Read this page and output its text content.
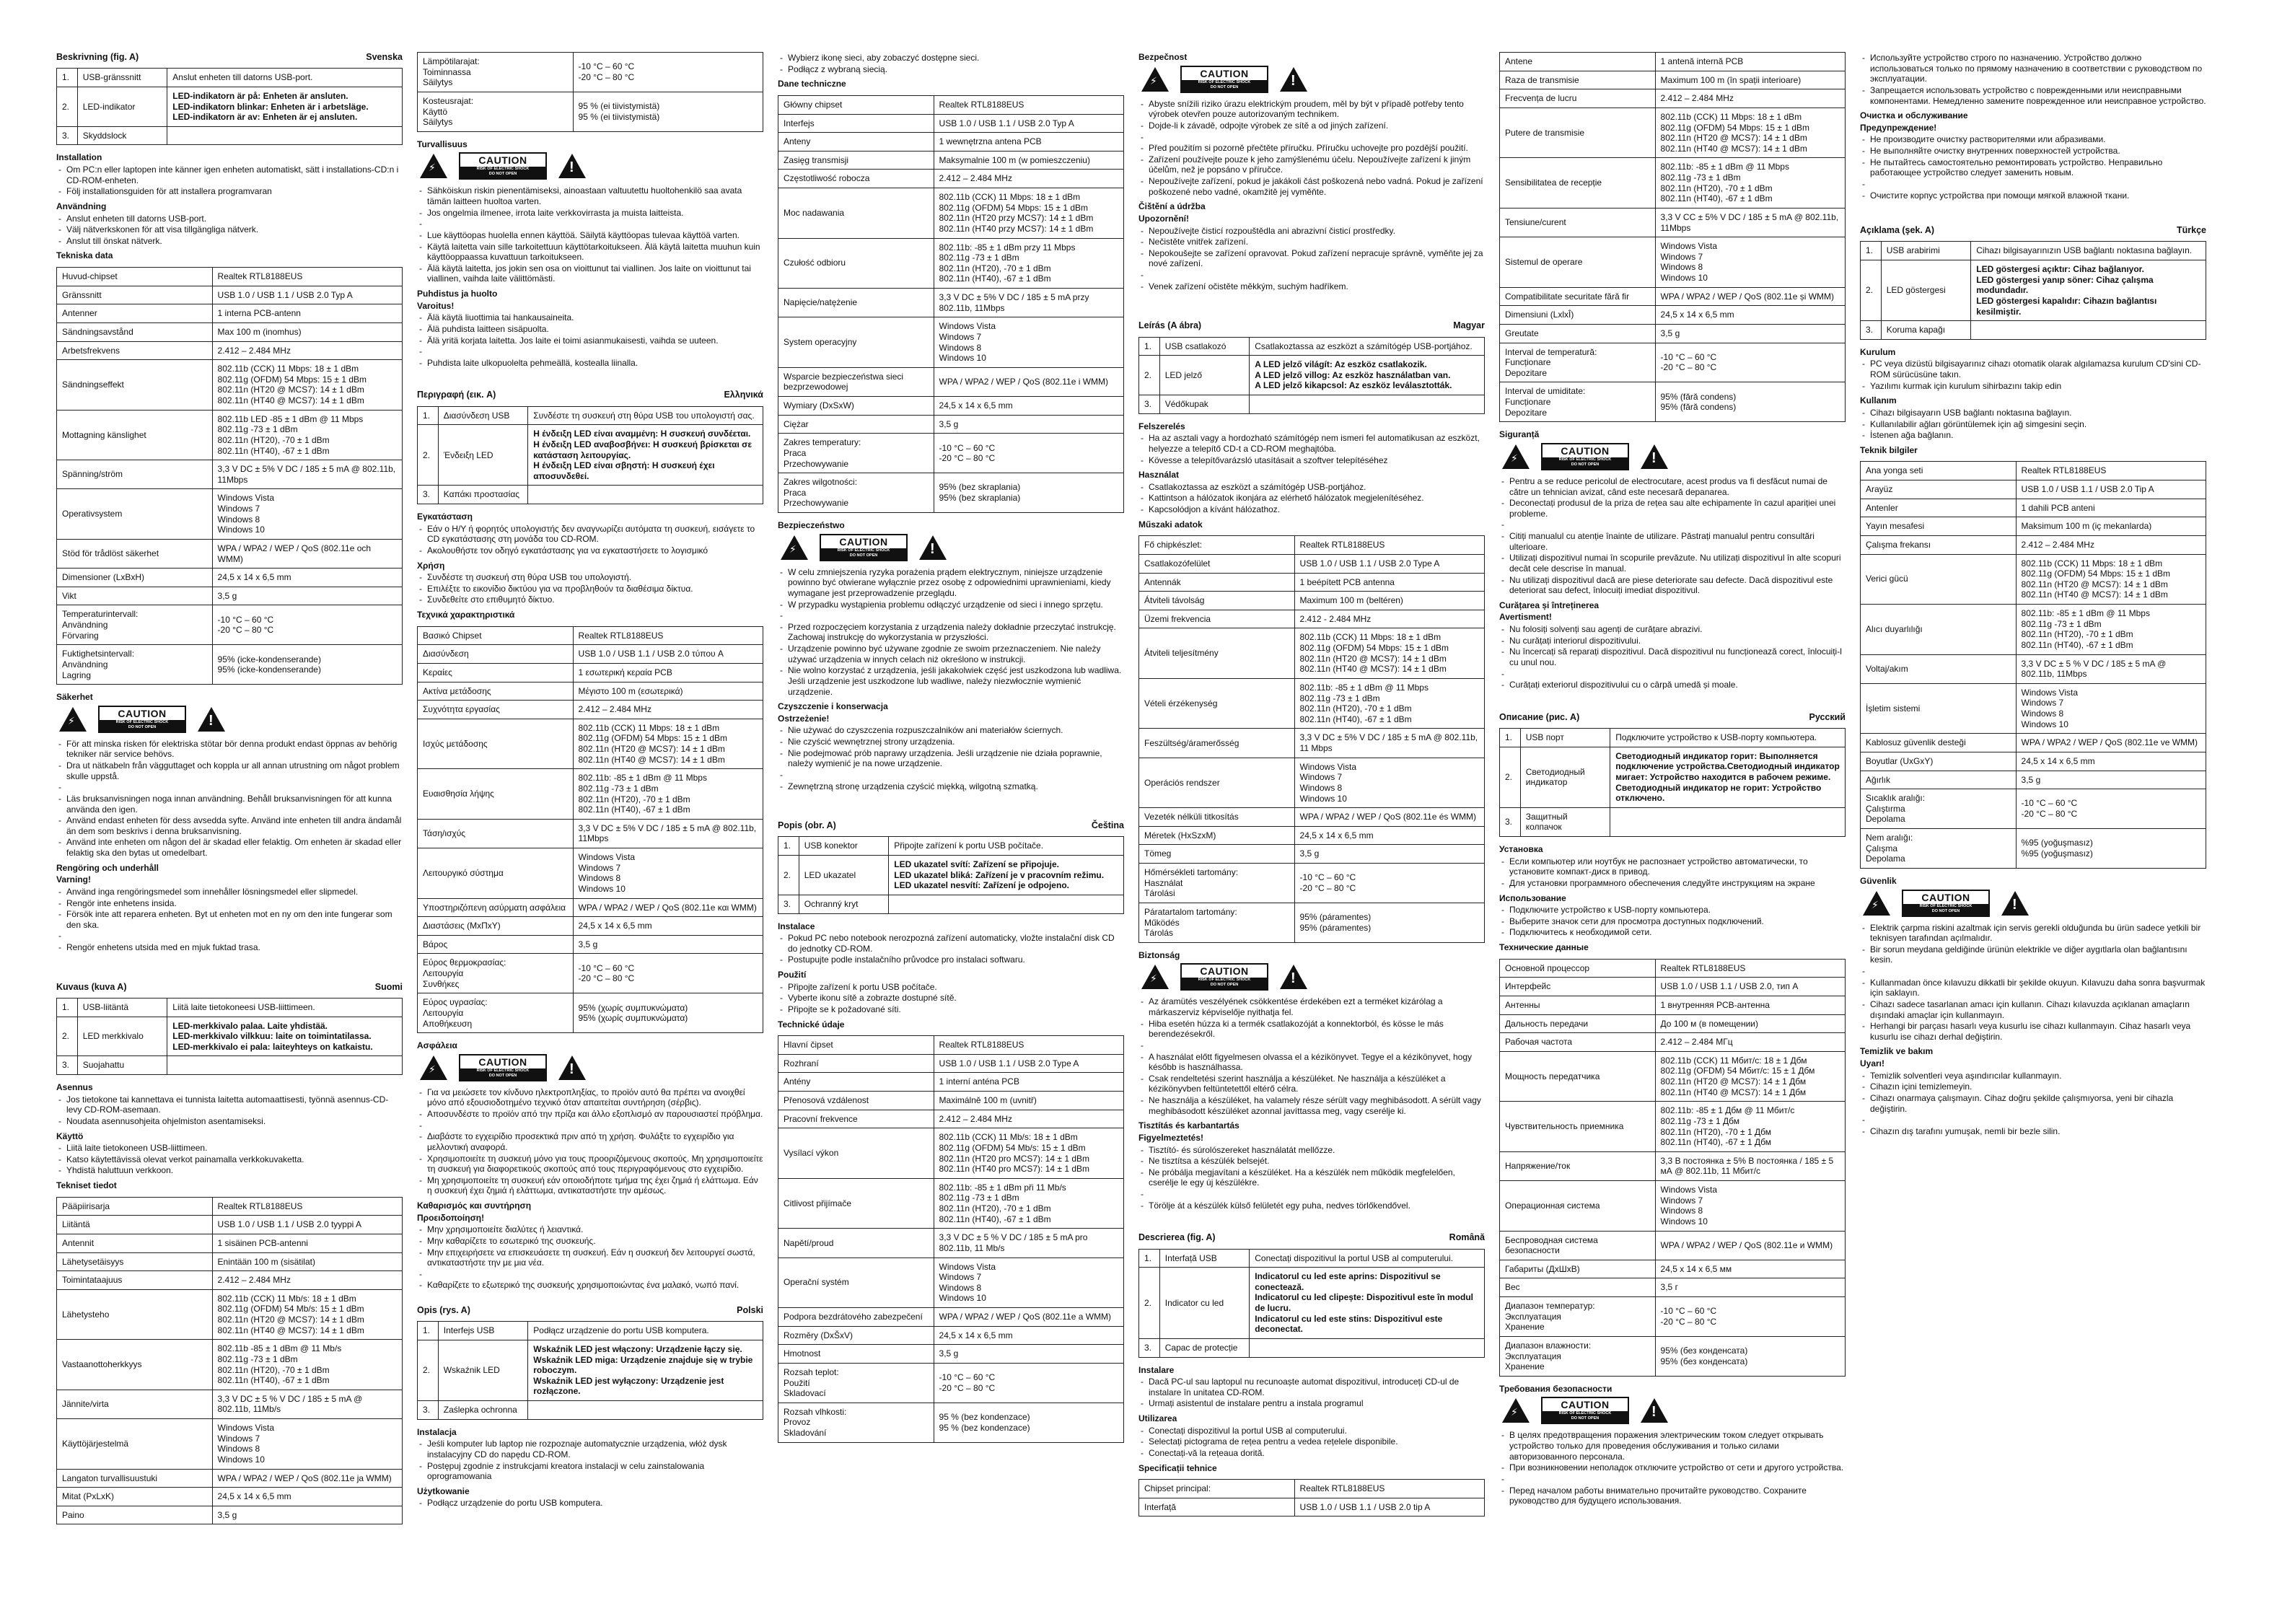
Beskrivning (fig. A)	Svenska
1.	USB-gränssnitt	Anslut enheten till datorns USB-port.
2.	LED-indikator	LED-indikatorn är på: Enheten är ansluten.
LED-indikatorn blinkar: Enheten är i arbetsläge.
LED-indikatorn är av: Enheten är ej ansluten.
3.	Skyddslock	
Installation
- Om PC:n eller laptopen inte känner igen enheten automatiskt, sätt i installations-CD:n i CD-ROM-enheten.
- Följ installationsguiden för att installera programvaran
Användning
- Anslut enheten till datorns USB-port.
- Välj nätverkskonen för att visa tillgängliga nätverk.
- Anslut till önskat nätverk.
Tekniska data
Huvud-chipset	Realtek RTL8188EUS
Gränssnitt	USB 1.0 / USB 1.1 / USB 2.0 Typ A
Antenner	1 interna PCB-antenn
Sändningsavstånd	Max 100 m (inomhus)
Arbetsfrekvens	2.412 – 2.484 MHz
Sändningseffekt	802.11b (CCK) 11 Mbps: 18 ± 1 dBm
802.11g (OFDM) 54 Mbps: 15 ± 1 dBm
802.11n (HT20 @ MCS7): 14 ± 1 dBm
802.11n (HT40 @ MCS7): 14 ± 1 dBm
Mottagning känslighet	802.11b LED -85 ± 1 dBm @ 11 Mbps
802.11g -73 ± 1 dBm
802.11n (HT20), -70 ± 1 dBm
802.11n (HT40), -67 ± 1 dBm
Spänning/ström	3,3 V DC ± 5% V DC / 185 ± 5 mA @ 802.11b, 11Mbps
Operativsystem	Windows Vista
Windows 7
Windows 8
Windows 10
Stöd för trådlöst säkerhet	WPA / WPA2 / WEP / QoS (802.11e och WMM)
Dimensioner (LxBxH)	24,5 x 14 x 6,5 mm
Vikt	3,5 g
Temperaturintervall:
Användning
Förvaring	-10 °C – 60 °C
-20 °C – 80 °C
Fuktighetsintervall:
Användning
Lagring	95% (icke-kondenserande)
95% (icke-kondenserande)
Säkerhet
⚡
CAUTION
RISK OF ELECTRIC SHOCK
DO NOT OPEN
!
- För att minska risken för elektriska stötar bör denna produkt endast öppnas av behörig tekniker när service behövs.
- Dra ut nätkabeln från vägguttaget och koppla ur all annan utrustning om något problem skulle uppstå.
-
- Läs bruksanvisningen noga innan användning. Behåll bruksanvisningen för att kunna använda den igen.
- Använd endast enheten för dess avsedda syfte. Använd inte enheten till andra ändamål än dem som beskrivs i denna bruksanvisning.
- Använd inte enheten om någon del är skadad eller felaktig. Om enheten är skadad eller felaktig ska den bytas ut omedelbart.
Rengöring och underhåll
Varning!
- Använd inga rengöringsmedel som innehåller lösningsmedel eller slipmedel.
- Rengör inte enhetens insida.
- Försök inte att reparera enheten. Byt ut enheten mot en ny om den inte fungerar som den ska.
-
- Rengör enhetens utsida med en mjuk fuktad trasa.
Kuvaus (kuva A)	Suomi
1.	USB-liitäntä	Liitä laite tietokoneesi USB-liittimeen.
2.	LED merkkivalo	LED-merkkivalo palaa. Laite yhdistää.
LED-merkkivalo vilkkuu: laite on toimintatilassa.
LED-merkkivalo ei pala: laiteyhteys on katkaistu.
3.	Suojahattu	
Asennus
- Jos tietokone tai kannettava ei tunnista laitetta automaattisesti, työnnä asennus-CD-levy CD-ROM-asemaan.
- Noudata asennusohjeita ohjelmiston asentamiseksi.
Käyttö
- Liitä laite tietokoneen USB-liittimeen.
- Katso käytettävissä olevat verkot painamalla verkkokuvaketta.
- Yhdistä haluttuun verkkoon.
Tekniset tiedot
Pääpiirisarja	Realtek RTL8188EUS
Liitäntä	USB 1.0 / USB 1.1 / USB 2.0 tyyppi A
Antennit	1 sisäinen PCB-antenni
Lähetysetäisyys	Enintään 100 m (sisätilat)
Toimintataajuus	2.412 – 2.484 MHz
Lähetysteho	802.11b (CCK) 11 Mb/s: 18 ± 1 dBm
802.11g (OFDM) 54 Mb/s: 15 ± 1 dBm
802.11n (HT20 @ MCS7): 14 ± 1 dBm
802.11n (HT40 @ MCS7): 14 ± 1 dBm
Vastaanottoherkkyys	802.11b -85 ± 1 dBm @ 11 Mb/s
802.11g -73 ± 1 dBm
802.11n (HT20), -70 ± 1 dBm
802.11n (HT40), -67 ± 1 dBm
Jännite/virta	3,3 V DC ± 5 % V DC / 185 ± 5 mA @ 802.11b, 11Mb/s
Käyttöjärjestelmä	Windows Vista
Windows 7
Windows 8
Windows 10
Langaton turvallisuustuki	WPA / WPA2 / WEP / QoS (802.11e ja WMM)
Mitat (PxLxK)	24,5 x 14 x 6,5 mm
Paino	3,5 g
Lämpötilarajat:
Toiminnassa
Säilytys	-10 °C – 60 °C
-20 °C – 80 °C
Kosteusrajat:
Käyttö
Säilytys	95 % (ei tiivistymistä)
95 % (ei tiivistymistä)
Turvallisuus
⚡
CAUTION
RISK OF ELECTRIC SHOCK
DO NOT OPEN
!
- Sähköiskun riskin pienentämiseksi, ainoastaan valtuutettu huoltohenkilö saa avata tämän laitteen huoltoa varten.
- Jos ongelmia ilmenee, irrota laite verkkovirrasta ja muista laitteista.
-
- Lue käyttöopas huolella ennen käyttöä. Säilytä käyttöopas tulevaa käyttöä varten.
- Käytä laitetta vain sille tarkoitettuun käyttötarkoitukseen. Älä käytä laitetta muuhun kuin käyttöoppaassa kuvattuun tarkoitukseen.
- Älä käytä laitetta, jos jokin sen osa on vioittunut tai viallinen. Jos laite on vioittunut tai viallinen, vaihda laite välittömästi.
Puhdistus ja huolto
Varoitus!
- Älä käytä liuottimia tai hankausaineita.
- Älä puhdista laitteen sisäpuolta.
- Älä yritä korjata laitetta. Jos laite ei toimi asianmukaisesti, vaihda se uuteen.
-
- Puhdista laite ulkopuolelta pehmeällä, kostealla liinalla.
Περιγραφή (εικ. A)	Ελληνικά
1.	Διασύνδεση USB	Συνδέστε τη συσκευή στη θύρα USB του υπολογιστή σας.
2.	Ένδειξη LED	Η ένδειξη LED είναι αναμμένη: Η συσκευή συνδέεται.
Η ένδειξη LED αναβοσβήνει: Η συσκευή βρίσκεται σε κατάσταση λειτουργίας.
Η ένδειξη LED είναι σβηστή: Η συσκευή έχει αποσυνδεθεί.
3.	Καπάκι προστασίας	
Εγκατάσταση
- Εάν ο Η/Υ ή φορητός υπολογιστής δεν αναγνωρίζει αυτόματα τη συσκευή, εισάγετε το CD εγκατάστασης στη μονάδα του CD-ROM.
- Ακολουθήστε τον οδηγό εγκατάστασης για να εγκαταστήσετε το λογισμικό
Χρήση
- Συνδέστε τη συσκευή στη θύρα USB του υπολογιστή.
- Επιλέξτε το εικονίδιο δικτύου για να προβληθούν τα διαθέσιμα δίκτυα.
- Συνδεθείτε στο επιθυμητό δίκτυο.
Τεχνικά χαρακτηριστικά
Βασικό Chipset	Realtek RTL8188EUS
Διασύνδεση	USB 1.0 / USB 1.1 / USB 2.0 τύπου A
Κεραίες	1 εσωτερική κεραία PCB
Ακτίνα μετάδοσης	Μέγιστο 100 m (εσωτερικά)
Συχνότητα εργασίας	2.412 – 2.484 MHz
Ισχύς μετάδοσης	802.11b (CCK) 11 Mbps: 18 ± 1 dBm
802.11g (OFDM) 54 Mbps: 15 ± 1 dBm
802.11n (HT20 @ MCS7): 14 ± 1 dBm
802.11n (HT40 @ MCS7): 14 ± 1 dBm
Ευαισθησία λήψης	802.11b: -85 ± 1 dBm @ 11 Mbps
802.11g -73 ± 1 dBm
802.11n (HT20), -70 ± 1 dBm
802.11n (HT40), -67 ± 1 dBm
Τάση/ισχύς	3,3 V DC ± 5% V DC / 185 ± 5 mA @ 802.11b, 11Mbps
Λειτουργικό σύστημα	Windows Vista
Windows 7
Windows 8
Windows 10
Υποστηριζόπενη ασύρματη ασφάλεια	WPA / WPA2 / WEP / QoS (802.11e και WMM)
Διαστάσεις (ΜxΠxΥ)	24,5 x 14 x 6,5 mm
Βάρος	3,5 g
Εύρος θερμοκρασίας:
Λειτουργία
Συνθήκες	-10 °C – 60 °C
-20 °C – 80 °C
Εύρος υγρασίας:
Λειτουργία
Αποθήκευση	95% (χωρίς συμπυκνώματα)
95% (χωρίς συμπυκνώματα)
Ασφάλεια
⚡
CAUTION
RISK OF ELECTRIC SHOCK
DO NOT OPEN
!
- Για να μειώσετε τον κίνδυνο ηλεκτροπληξίας, το προϊόν αυτό θα πρέπει να ανοιχθεί μόνο από εξουσιοδοτημένο τεχνικό όταν απαιτείται συντήρηση (σέρβις).
- Αποσυνδέστε το προϊόν από την πρίζα και άλλο εξοπλισμό αν παρουσιαστεί πρόβλημα.
-
- Διαβάστε το εγχειρίδιο προσεκτικά πριν από τη χρήση. Φυλάξτε το εγχειρίδιο για μελλοντική αναφορά.
- Χρησιμοποιείτε τη συσκευή μόνο για τους προοριζόμενους σκοπούς. Μη χρησιμοποιείτε τη συσκευή για διαφορετικούς σκοπούς από τους περιγραφόμενους στο εγχειρίδιο.
- Μη χρησιμοποιείτε τη συσκευή εάν οποιοδήποτε τμήμα της έχει ζημιά ή ελάττωμα. Εάν η συσκευή έχει ζημιά ή ελάττωμα, αντικαταστήστε την αμέσως.
Καθαρισμός και συντήρηση
Προειδοποίηση!
- Μην χρησιμοποιείτε διαλύτες ή λειαντικά.
- Μην καθαρίζετε το εσωτερικό της συσκευής.
- Μην επιχειρήσετε να επισκευάσετε τη συσκευή. Εάν η συσκευή δεν λειτουργεί σωστά, αντικαταστήστε την με μια νέα.
-
- Καθαρίζετε το εξωτερικό της συσκευής χρησιμοποιώντας ένα μαλακό, νωπό πανί.
Opis (rys. A)	Polski
1.	Interfejs USB	Podłącz urządzenie do portu USB komputera.
2.	Wskaźnik LED	Wskaźnik LED jest włączony: Urządzenie łączy się.
Wskaźnik LED miga: Urządzenie znajduje się w trybie roboczym.
Wskaźnik LED jest wyłączony: Urządzenie jest rozłączone.
3.	Zaślepka ochronna	
Instalacja
- Jeśli komputer lub laptop nie rozpoznaje automatycznie urządzenia, włóż dysk instalacyjny CD do napędu CD-ROM.
- Postępuj zgodnie z instrukcjami kreatora instalacji w celu zainstalowania oprogramowania
Użytkowanie
- Podłącz urządzenie do portu USB komputera.
- Wybierz ikonę sieci, aby zobaczyć dostępne sieci.
- Podłącz z wybraną siecią.
Dane techniczne
Główny chipset	Realtek RTL8188EUS
Interfejs	USB 1.0 / USB 1.1 / USB 2.0 Typ A
Anteny	1 wewnętrzna antena PCB
Zasięg transmisji	Maksymalnie 100 m (w pomieszczeniu)
Częstotliwość robocza	2.412 – 2.484 MHz
Moc nadawania	802.11b (CCK) 11 Mbps: 18 ± 1 dBm
802.11g (OFDM) 54 Mbps: 15 ± 1 dBm
802.11n (HT20 przy MCS7): 14 ± 1 dBm
802.11n (HT40 przy MCS7): 14 ± 1 dBm
Czułość odbioru	802.11b: -85 ± 1 dBm przy 11 Mbps
802.11g -73 ± 1 dBm
802.11n (HT20), -70 ± 1 dBm
802.11n (HT40), -67 ± 1 dBm
Napięcie/natężenie	3,3 V DC ± 5% V DC / 185 ± 5 mA przy 802.11b, 11Mbps
System operacyjny	Windows Vista
Windows 7
Windows 8
Windows 10
Wsparcie bezpieczeństwa sieci bezprzewodowej	WPA / WPA2 / WEP / QoS (802.11e i WMM)
Wymiary (DxSxW)	24,5 x 14 x 6,5 mm
Ciężar	3,5 g
Zakres temperatury:
Praca
Przechowywanie	-10 °C – 60 °C
-20 °C – 80 °C
Zakres wilgotności:
Praca
Przechowywanie	95% (bez skraplania)
95% (bez skraplania)
Bezpieczeństwo
⚡
CAUTION
RISK OF ELECTRIC SHOCK
DO NOT OPEN
!
- W celu zmniejszenia ryzyka porażenia prądem elektrycznym, niniejsze urządzenie powinno być otwierane wyłącznie przez osobę z odpowiednimi uprawnieniami, kiedy wymagane jest przeprowadzenie przeglądu.
- W przypadku wystąpienia problemu odłączyć urządzenie od sieci i innego sprzętu.
-
- Przed rozpoczęciem korzystania z urządzenia należy dokładnie przeczytać instrukcję. Zachowaj instrukcję do wykorzystania w przyszłości.
- Urządzenie powinno być używane zgodnie ze swoim przeznaczeniem. Nie należy używać urządzenia w innych celach niż określono w instrukcji.
- Nie wolno korzystać z urządzenia, jeśli jakakolwiek część jest uszkodzona lub wadliwa. Jeśli urządzenie jest uszkodzone lub wadliwe, należy niezwłocznie wymienić urządzenie.
Czyszczenie i konserwacja
Ostrzeżenie!
- Nie używać do czyszczenia rozpuszczalników ani materiałów ściernych.
- Nie czyścić wewnętrznej strony urządzenia.
- Nie podejmować prób naprawy urządzenia. Jeśli urządzenie nie działa poprawnie, należy wymienić je na nowe urządzenie.
-
- Zewnętrzną stronę urządzenia czyścić miękką, wilgotną szmatką.
Popis (obr. A)	Čeština
1.	USB konektor	Připojte zařízení k portu USB počítače.
2.	LED ukazatel	LED ukazatel svítí: Zařízení se připojuje.
LED ukazatel bliká: Zařízení je v pracovním režimu.
LED ukazatel nesvítí: Zařízení je odpojeno.
3.	Ochranný kryt	
Instalace
- Pokud PC nebo notebook nerozpozná zařízení automaticky, vložte instalační disk CD do jednotky CD-ROM.
- Postupujte podle instalačního průvodce pro instalaci softwaru.
Použití
- Připojte zařízení k portu USB počítače.
- Vyberte ikonu sítě a zobrazte dostupné sítě.
- Připojte se k požadované síti.
Technické údaje
Hlavní čipset	Realtek RTL8188EUS
Rozhraní	USB 1.0 / USB 1.1 / USB 2.0 Type A
Antény	1 interní anténa PCB
Přenosová vzdálenost	Maximálně 100 m (uvnitř)
Pracovní frekvence	2.412 – 2.484 MHz
Vysílací výkon	802.11b (CCK) 11 Mb/s: 18 ± 1 dBm
802.11g (OFDM) 54 Mb/s: 15 ± 1 dBm
802.11n (HT20 pro MCS7): 14 ± 1 dBm
802.11n (HT40 pro MCS7): 14 ± 1 dBm
Citlivost přijímače	802.11b: -85 ± 1 dBm při 11 Mb/s
802.11g -73 ± 1 dBm
802.11n (HT20), -70 ± 1 dBm
802.11n (HT40), -67 ± 1 dBm
Napětí/proud	3,3 V DC ± 5 % V DC / 185 ± 5 mA pro 802.11b, 11 Mb/s
Operační systém	Windows Vista
Windows 7
Windows 8
Windows 10
Podpora bezdrátového zabezpečení	WPA / WPA2 / WEP / QoS (802.11e a WMM)
Rozměry (DxŠxV)	24,5 x 14 x 6,5 mm
Hmotnost	3,5 g
Rozsah teplot:
Použití
Skladovací	-10 °C – 60 °C
-20 °C – 80 °C
Rozsah vlhkosti:
Provoz
Skladování	95 % (bez kondenzace)
95 % (bez kondenzace)
Bezpečnost
⚡
CAUTION
RISK OF ELECTRIC SHOCK
DO NOT OPEN
!
- Abyste snížili riziko úrazu elektrickým proudem, měl by být v případě potřeby tento výrobek otevřen pouze autorizovaným technikem.
- Dojde-li k závadě, odpojte výrobek ze sítě a od jiných zařízení.
-
- Před použitím si pozorně přečtěte příručku. Příručku uchovejte pro pozdější použití.
- Zařízení používejte pouze k jeho zamýšlenému účelu. Nepoužívejte zařízení k jiným účelům, než je popsáno v příručce.
- Nepoužívejte zařízení, pokud je jakákoli část poškozená nebo vadná. Pokud je zařízení poškozené nebo vadné, okamžitě jej vyměňte.
Čištění a údržba
Upozornění!
- Nepoužívejte čisticí rozpouštědla ani abrazivní čisticí prostředky.
- Nečistěte vnitřek zařízení.
- Nepokoušejte se zařízení opravovat. Pokud zařízení nepracuje správně, vyměňte jej za nové zařízení.
-
- Venek zařízení očistěte měkkým, suchým hadříkem.
Leírás (A ábra)	Magyar
1.	USB csatlakozó	Csatlakoztassa az eszközt a számítógép USB-portjához.
2.	LED jelző	A LED jelző világít: Az eszköz csatlakozik.
A LED jelző villog: Az eszköz használatban van.
A LED jelző kikapcsol: Az eszköz leválasztották.
3.	Védőkupak	
Felszerelés
- Ha az asztali vagy a hordozható számítógép nem ismeri fel automatikusan az eszközt, helyezze a telepítő CD-t a CD-ROM meghajtóba.
- Kövesse a telepítővarázsló utasításait a szoftver telepítéséhez
Használat
- Csatlakoztassa az eszközt a számítógép USB-portjához.
- Kattintson a hálózatok ikonjára az elérhető hálózatok megjelenítéséhez.
- Kapcsolódjon a kívánt hálózathoz.
Műszaki adatok
Fő chipkészlet:	Realtek RTL8188EUS
Csatlakozófelület	USB 1.0 / USB 1.1 / USB 2.0 Type A
Antennák	1 beépített PCB antenna
Átviteli távolság	Maximum 100 m (beltéren)
Üzemi frekvencia	2.412 - 2.484 MHz
Átviteli teljesítmény	802.11b (CCK) 11 Mbps: 18 ± 1 dBm
802.11g (OFDM) 54 Mbps: 15 ± 1 dBm
802.11n (HT20 @ MCS7): 14 ± 1 dBm
802.11n (HT40 @ MCS7): 14 ± 1 dBm
Vételi érzékenység	802.11b: -85 ± 1 dBm @ 11 Mbps
802.11g -73 ± 1 dBm
802.11n (HT20), -70 ± 1 dBm
802.11n (HT40), -67 ± 1 dBm
Feszültség/áramerősség	3,3 V DC ± 5% V DC / 185 ± 5 mA @ 802.11b, 11 Mbps
Operációs rendszer	Windows Vista
Windows 7
Windows 8
Windows 10
Vezeték nélküli titkosítás	WPA / WPA2 / WEP / QoS (802.11e és WMM)
Méretek (HxSzxM)	24,5 x 14 x 6,5 mm
Tömeg	3,5 g
Hőmérsékleti tartomány:
Használat
Tárolási	-10 °C – 60 °C
-20 °C – 80 °C
Páratartalom tartomány:
Működés
Tárolás	95% (páramentes)
95% (páramentes)
Biztonság
⚡
CAUTION
RISK OF ELECTRIC SHOCK
DO NOT OPEN
!
- Az áramütés veszélyének csökkentése érdekében ezt a terméket kizárólag a márkaszerviz képviselője nyithatja fel.
- Hiba esetén húzza ki a termék csatlakozóját a konnektorból, és kösse le más berendezésekről.
-
- A használat előtt figyelmesen olvassa el a kézikönyvet. Tegye el a kézikönyvet, hogy később is használhassa.
- Csak rendeltetési szerint használja a készüléket. Ne használja a készüléket a kézikönyvben feltüntetettől eltérő célra.
- Ne használja a készüléket, ha valamely része sérült vagy meghibásodott. A sérült vagy meghibásodott készüléket azonnal javíttassa meg, vagy cserélje ki.
Tisztítás és karbantartás
Figyelmeztetés!
- Tisztító- és súrolószereket használatát mellőzze.
- Ne tisztítsa a készülék belsejét.
- Ne próbálja megjavítani a készüléket. Ha a készülék nem működik megfelelően, cserélje le egy új készülékre.
-
- Törölje át a készülék külső felületét egy puha, nedves törlőkendővel.
Descrierea (fig. A)	Română
1.	Interfață USB	Conectați dispozitivul la portul USB al computerului.
2.	Indicator cu led	Indicatorul cu led este aprins: Dispozitivul se conectează.
Indicatorul cu led clipește: Dispozitivul este în modul de lucru.
Indicatorul cu led este stins: Dispozitivul este deconectat.
3.	Capac de protecție	
Instalare
- Dacă PC-ul sau laptopul nu recunoaște automat dispozitivul, introduceți CD-ul de instalare în unitatea CD-ROM.
- Urmați asistentul de instalare pentru a instala programul
Utilizarea
- Conectați dispozitivul la portul USB al computerului.
- Selectați pictograma de rețea pentru a vedea rețelele disponibile.
- Conectați-vă la rețeaua dorită.
Specificații tehnice
Chipset principal:	Realtek RTL8188EUS
Interfață	USB 1.0 / USB 1.1 / USB 2.0 tip A
Antene	1 antenă internă PCB
Raza de transmisie	Maximum 100 m (în spații interioare)
Frecvența de lucru	2.412 – 2.484 MHz
Putere de transmisie	802.11b (CCK) 11 Mbps: 18 ± 1 dBm
802.11g (OFDM) 54 Mbps: 15 ± 1 dBm
802.11n (HT20 @ MCS7): 14 ± 1 dBm
802.11n (HT40 @ MCS7): 14 ± 1 dBm
Sensibilitatea de recepție	802.11b: -85 ± 1 dBm @ 11 Mbps
802.11g -73 ± 1 dBm
802.11n (HT20), -70 ± 1 dBm
802.11n (HT40), -67 ± 1 dBm
Tensiune/curent	3,3 V CC ± 5% V DC / 185 ± 5 mA @ 802.11b, 11Mbps
Sistemul de operare	Windows Vista
Windows 7
Windows 8
Windows 10
Compatibilitate securitate fără fir	WPA / WPA2 / WEP / QoS (802.11e și WMM)
Dimensiuni (LxlxÎ)	24,5 x 14 x 6,5 mm
Greutate	3,5 g
Interval de temperatură:
Funcționare
Depozitare	-10 °C – 60 °C
-20 °C – 80 °C
Interval de umiditate:
Funcționare
Depozitare	95% (fără condens)
95% (fără condens)
Siguranță
⚡
CAUTION
RISK OF ELECTRIC SHOCK
DO NOT OPEN
!
- Pentru a se reduce pericolul de electrocutare, acest produs va fi desfăcut numai de către un tehnician avizat, când este necesară depanarea.
- Deconectați produsul de la priza de rețea sau alte echipamente în cazul apariției unei probleme.
-
- Citiți manualul cu atenție înainte de utilizare. Păstrați manualul pentru consultări ulterioare.
- Utilizați dispozitivul numai în scopurile prevăzute. Nu utilizați dispozitivul în alte scopuri decât cele descrise în manual.
- Nu utilizați dispozitivul dacă are piese deteriorate sau defecte. Dacă dispozitivul este deteriorat sau defect, înlocuiți imediat dispozitivul.
Curățarea și întreținerea
Avertisment!
- Nu folosiți solvenți sau agenți de curățare abrazivi.
- Nu curățați interiorul dispozitivului.
- Nu încercați să reparați dispozitivul. Dacă dispozitivul nu funcționează corect, înlocuiți-l cu unul nou.
-
- Curățați exteriorul dispozitivului cu o cârpă umedă și moale.
Описание (рис. A)	Русский
1.	USB порт	Подключите устройство к USB-порту компьютера.
2.	Светодиодный индикатор	Светодиодный индикатор горит: Выполняется подключение устройства.Светодиодный индикатор мигает: Устройство находится в рабочем режиме.
Светодиодный индикатор не горит: Устройство отключено.
3.	Защитный колпачок	
Установка
- Если компьютер или ноутбук не распознает устройство автоматически, то установите компакт-диск в привод.
- Для установки программного обеспечения следуйте инструкциям на экране
Использование
- Подключите устройство к USB-порту компьютера.
- Выберите значок сети для просмотра доступных подключений.
- Подключитесь к необходимой сети.
Технические данные
Основной процессор	Realtek RTL8188EUS
Интерфейс	USB 1.0 / USB 1.1 / USB 2.0, тип A
Антенны	1 внутренняя PCB-антенна
Дальность передачи	До 100 м (в помещении)
Рабочая частота	2.412 – 2.484 МГц
Мощность передатчика	802.11b (CCK) 11 Мбит/с: 18 ± 1 Дбм
802.11g (OFDM) 54 Мбит/с: 15 ± 1 Дбм
802.11n (HT20 @ MCS7): 14 ± 1 Дбм
802.11n (HT40 @ MCS7): 14 ± 1 Дбм
Чувствительность приемника	802.11b: -85 ± 1 Дбм @ 11 Мбит/с
802.11g -73 ± 1 Дбм
802.11n (HT20), -70 ± 1 Дбм
802.11n (HT40), -67 ± 1 Дбм
Напряжение/ток	3,3 В постоянка ± 5% В постоянка / 185 ± 5 мА @ 802.11b, 11 Мбит/с
Операционная система	Windows Vista
Windows 7
Windows 8
Windows 10
Беспроводная система безопасности	WPA / WPA2 / WEP / QoS (802.11e и WMM)
Габариты (ДхШхВ)	24,5 x 14 x 6,5 мм
Вес	3,5 г
Диапазон температур:
Эксплуатация
Хранение	-10 °C – 60 °C
-20 °C – 80 °C
Диапазон влажности:
Эксплуатация
Хранение	95% (без конденсата)
95% (без конденсата)
Требования безопасности
⚡
CAUTION
RISK OF ELECTRIC SHOCK
DO NOT OPEN
!
- В целях предотвращения поражения электрическим током следует открывать устройство только для проведения обслуживания и только силами авторизованного персонала.
- При возникновении неполадок отключите устройство от сети и другого устройства.
-
- Перед началом работы внимательно прочитайте руководство. Сохраните руководство для будущего использования.
- Используйте устройство строго по назначению. Устройство должно использоваться только по прямому назначению в соответствии с руководством по эксплуатации.
- Запрещается использовать устройство с поврежденными или неисправными компонентами. Немедленно замените поврежденное или неисправное устройство.
Очистка и обслуживание
Предупреждение!
- Не производите очистку растворителями или абразивами.
- Не выполняйте очистку внутренних поверхностей устройства.
- Не пытайтесь самостоятельно ремонтировать устройство. Неправильно работающее устройство следует заменить новым.
-
- Очистите корпус устройства при помощи мягкой влажной ткани.
Açıklama (şek. A)	Türkçe
1.	USB arabirimi	Cihazı bilgisayarınızın USB bağlantı noktasına bağlayın.
2.	LED göstergesi	LED göstergesi açıktır: Cihaz bağlanıyor.
LED göstergesi yanıp söner: Cihaz çalışma modundadır.
LED göstergesi kapalıdır: Cihazın bağlantısı kesilmiştir.
3.	Koruma kapağı	
Kurulum
- PC veya dizüstü bilgisayarınız cihazı otomatik olarak algılamazsa kurulum CD'sini CD-ROM sürücüsüne takın.
- Yazılımı kurmak için kurulum sihirbazını takip edin
Kullanım
- Cihazı bilgisayarın USB bağlantı noktasına bağlayın.
- Kullanılabilir ağları görüntülemek için ağ simgesini seçin.
- İstenen ağa bağlanın.
Teknik bilgiler
Ana yonga seti	Realtek RTL8188EUS
Arayüz	USB 1.0 / USB 1.1 / USB 2.0 Tip A
Antenler	1 dahili PCB anteni
Yayın mesafesi	Maksimum 100 m (iç mekanlarda)
Çalışma frekansı	2.412 – 2.484 MHz
Verici gücü	802.11b (CCK) 11 Mbps: 18 ± 1 dBm
802.11g (OFDM) 54 Mbps: 15 ± 1 dBm
802.11n (HT20 @ MCS7): 14 ± 1 dBm
802.11n (HT40 @ MCS7): 14 ± 1 dBm
Alıcı duyarlılığı	802.11b: -85 ± 1 dBm @ 11 Mbps
802.11g -73 ± 1 dBm
802.11n (HT20), -70 ± 1 dBm
802.11n (HT40), -67 ± 1 dBm
Voltaj/akım	3,3 V DC ± 5 % V DC / 185 ± 5 mA @ 802.11b, 11Mbps
İşletim sistemi	Windows Vista
Windows 7
Windows 8
Windows 10
Kablosuz güvenlik desteği	WPA / WPA2 / WEP / QoS (802.11e ve WMM)
Boyutlar (UxGxY)	24,5 x 14 x 6,5 mm
Ağırlık	3,5 g
Sıcaklık aralığı:
Çalıştırma
Depolama	-10 °C – 60 °C
-20 °C – 80 °C
Nem aralığı:
Çalışma
Depolama	%95 (yoğuşmasız)
%95 (yoğuşmasız)
Güvenlik
⚡
CAUTION
RISK OF ELECTRIC SHOCK
DO NOT OPEN
!
- Elektrik çarpma riskini azaltmak için servis gerekli olduğunda bu ürün sadece yetkili bir teknisyen tarafından açılmalıdır.
- Bir sorun meydana geldiğinde ürünün elektrikle ve diğer aygıtlarla olan bağlantısını kesin.
-
- Kullanmadan önce kılavuzu dikkatli bir şekilde okuyun. Kılavuzu daha sonra başvurmak için saklayın.
- Cihazı sadece tasarlanan amacı için kullanın. Cihazı kılavuzda açıklanan amaçların dışındaki amaçlar için kullanmayın.
- Herhangi bir parçası hasarlı veya kusurlu ise cihazı kullanmayın. Cihaz hasarlı veya kusurlu ise cihazı derhal değiştirin.
Temizlik ve bakım
Uyarı!
- Temizlik solventleri veya aşındırıcılar kullanmayın.
- Cihazın içini temizlemeyin.
- Cihazı onarmaya çalışmayın. Cihaz doğru şekilde çalışmıyorsa, yeni bir cihazla değiştirin.
-
- Cihazın dış tarafını yumuşak, nemli bir bezle silin.
